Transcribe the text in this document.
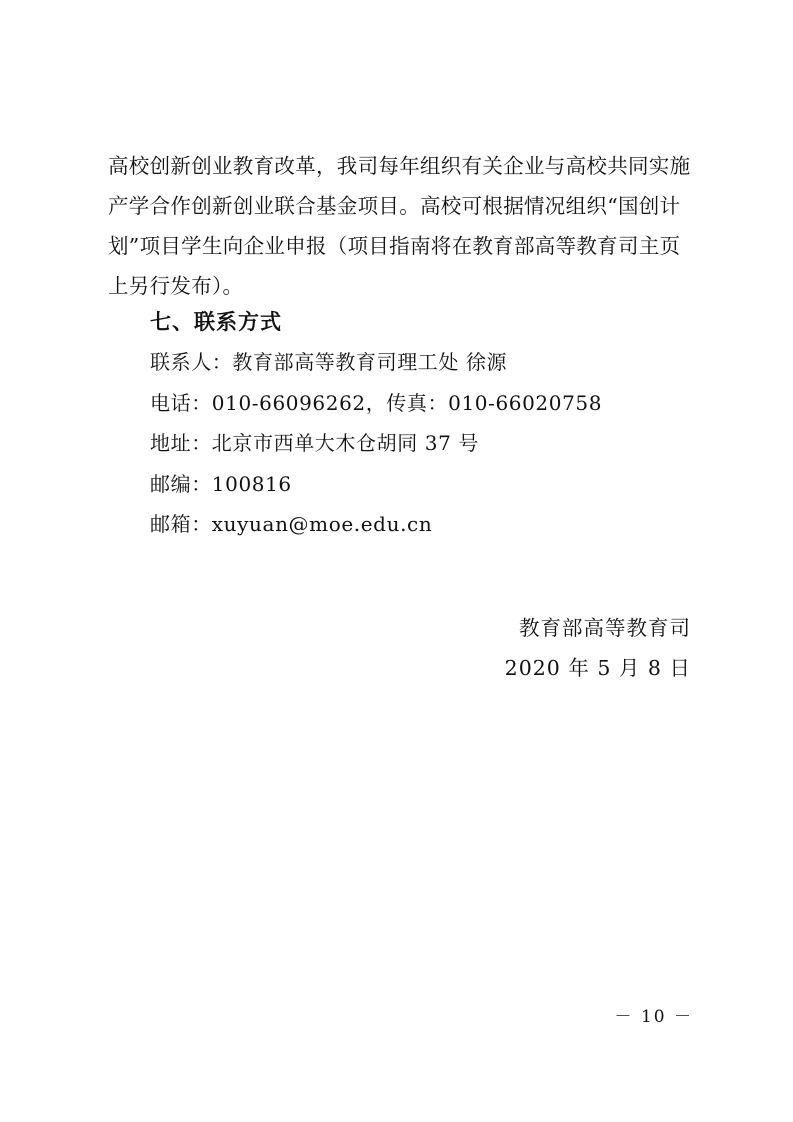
高校创新创业教育改革，我司每年组织有关企业与高校共同实施
产学合作创新创业联合基金项目。高校可根据情况组织“国创计
划”项目学生向企业申报（项目指南将在教育部高等教育司主页
上另行发布）。
七、联系方式
联系人：教育部高等教育司理工处 徐源
电话：010-66096262，传真：010-66020758
地址：北京市西单大木仓胡同 37 号
邮编：100816
邮箱：xuyuan@moe.edu.cn
教育部高等教育司
2020 年 5 月 8 日
－ 10 －
